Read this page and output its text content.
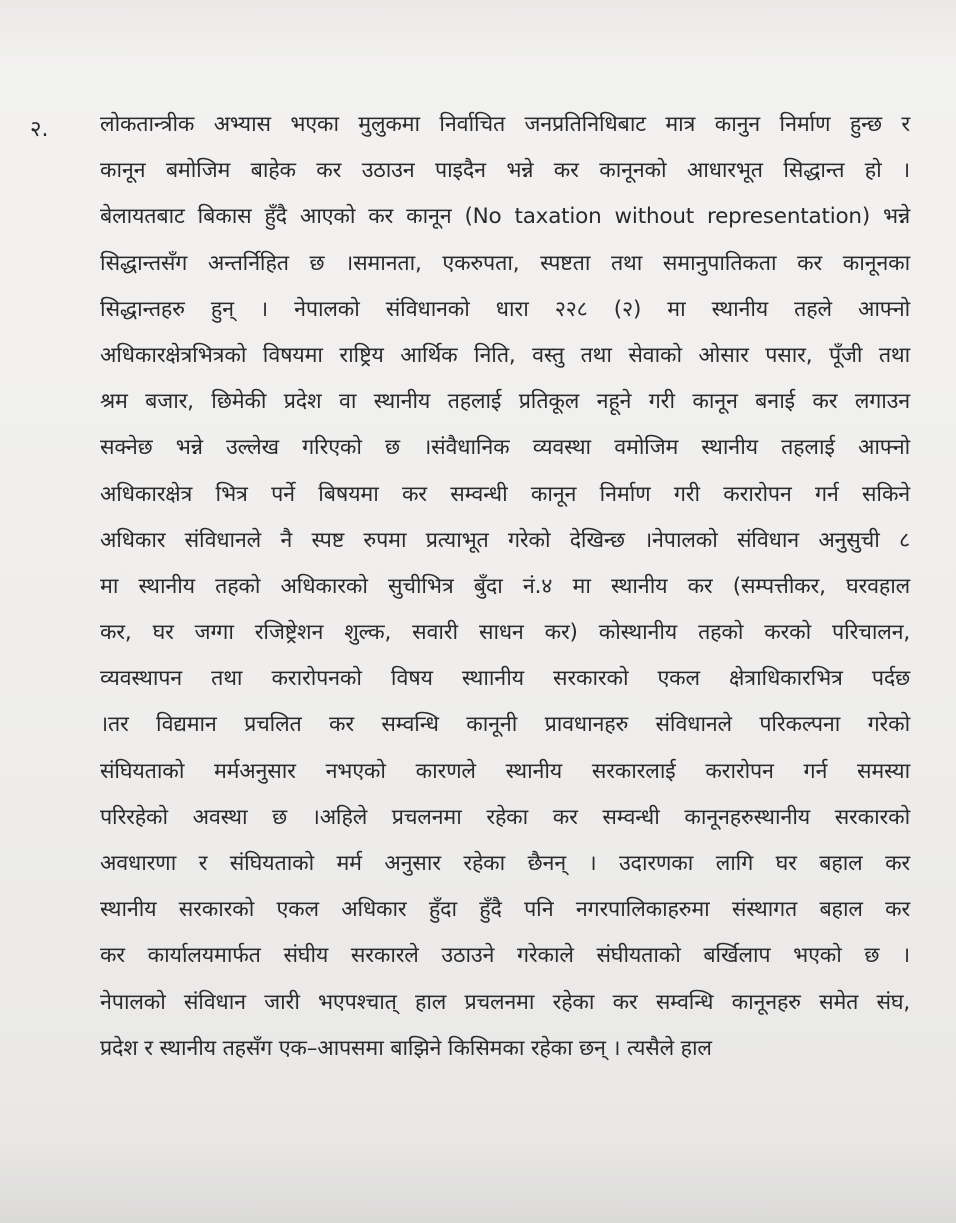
२. लोकतान्त्रीक अभ्यास भएका मुलुकमा निर्वाचित जनप्रतिनिधिबाट मात्र कानुन निर्माण हुन्छ र
कानून बमोजिम बाहेक कर उठाउन पाइदैन भन्ने कर कानूनको आधारभूत सिद्धान्त हो ।
बेलायतबाट बिकास हुँदै आएको कर कानून (No taxation without representation) भन्ने
सिद्धान्तसँग अन्तर्निहित छ ।समानता, एकरुपता, स्पष्टता तथा समानुपातिकता कर कानूनका
सिद्धान्तहरु हुन् । नेपालको संविधानको धारा २२८ (२) मा स्थानीय तहले आफ्नो
अधिकारक्षेत्रभित्रको विषयमा राष्ट्रिय आर्थिक निति, वस्तु तथा सेवाको ओसार पसार, पूँजी तथा
श्रम बजार, छिमेकी प्रदेश वा स्थानीय तहलाई प्रतिकूल नहूने गरी कानून बनाई कर लगाउन
सक्नेछ भन्ने उल्लेख गरिएको छ ।संवैधानिक व्यवस्था वमोजिम स्थानीय तहलाई आफ्नो
अधिकारक्षेत्र भित्र पर्ने बिषयमा कर सम्वन्धी कानून निर्माण गरी करारोपन गर्न सकिने
अधिकार संविधानले नै स्पष्ट रुपमा प्रत्याभूत गरेको देखिन्छ ।नेपालको संविधान अनुसुची ८
मा स्थानीय तहको अधिकारको सुचीभित्र बुँदा नं.४ मा स्थानीय कर (सम्पत्तीकर, घरवहाल
कर, घर जग्गा रजिष्ट्रेशन शुल्क, सवारी साधन कर) कोस्थानीय तहको करको परिचालन,
व्यवस्थापन तथा करारोपनको विषय स्थाानीय सरकारको एकल क्षेत्राधिकारभित्र पर्दछ
।तर विद्यमान प्रचलित कर सम्वन्धि कानूनी प्रावधानहरु संविधानले परिकल्पना गरेको
संघियताको मर्मअनुसार नभएको कारणले स्थानीय सरकारलाई करारोपन गर्न समस्या
परिरहेको अवस्था छ ।अहिले प्रचलनमा रहेका कर सम्वन्धी कानूनहरुस्थानीय सरकारको
अवधारणा र संघियताको मर्म अनुसार रहेका छैनन् । उदारणका लागि घर बहाल कर
स्थानीय सरकारको एकल अधिकार हुँदा हुँदै पनि नगरपालिकाहरुमा संस्थागत बहाल कर
कर कार्यालयमार्फत संघीय सरकारले उठाउने गरेकाले संघीयताको बर्खिलाप भएको छ ।
नेपालको संविधान जारी भएपश्चात् हाल प्रचलनमा रहेका कर सम्वन्धि कानूनहरु समेत संघ,
प्रदेश र स्थानीय तहसँग एक–आपसमा बाझिने किसिमका रहेका छन् । त्यसैले हाल
